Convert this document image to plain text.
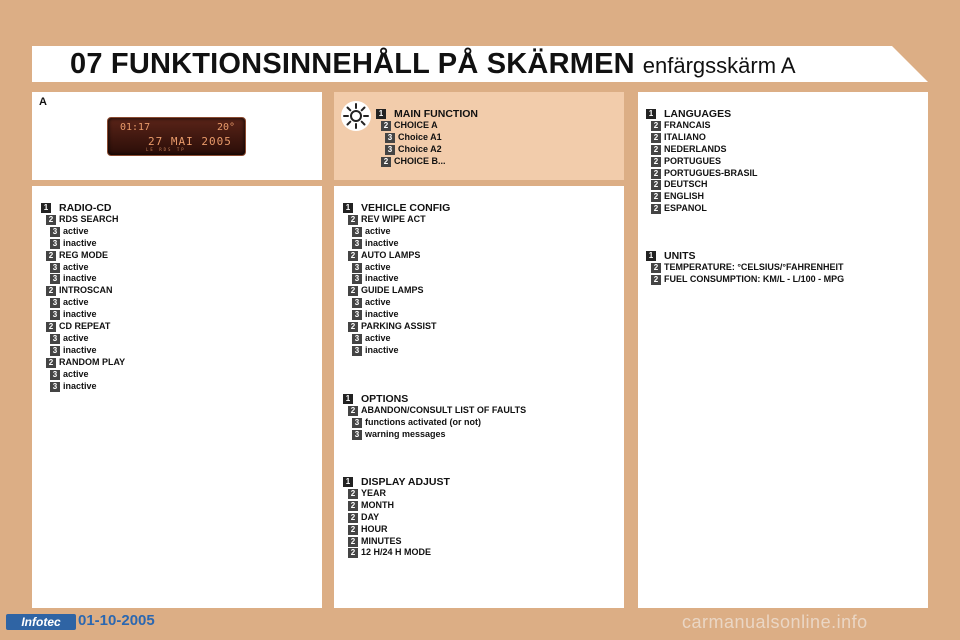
07 FUNKTIONSINNEHÅLL PÅ SKÄRMEN enfärgsskärm A
A
01:17	20°
27 MAI 2005
LE RDS TP
1 MAIN FUNCTION
2 CHOICE A
3 Choice A1
3 Choice A2
2 CHOICE B...
1 LANGUAGES
2 FRANCAIS
2 ITALIANO
2 NEDERLANDS
2 PORTUGUES
2 PORTUGUES-BRASIL
2 DEUTSCH
2 ENGLISH
2 ESPANOL
1 UNITS
2 TEMPERATURE: °CELSIUS/°FAHRENHEIT
2 FUEL CONSUMPTION: KM/L - L/100 - MPG
1 RADIO-CD
2 RDS SEARCH
3 active
3 inactive
2 REG MODE
3 active
3 inactive
2 INTROSCAN
3 active
3 inactive
2 CD REPEAT
3 active
3 inactive
2 RANDOM PLAY
3 active
3 inactive
1 VEHICLE CONFIG
2 REV WIPE ACT
3 active
3 inactive
2 AUTO LAMPS
3 active
3 inactive
2 GUIDE LAMPS
3 active
3 inactive
2 PARKING ASSIST
3 active
3 inactive
1 OPTIONS
2 ABANDON/CONSULT LIST OF FAULTS
3 functions activated (or not)
3 warning messages
1 DISPLAY ADJUST
2 YEAR
2 MONTH
2 DAY
2 HOUR
2 MINUTES
2 12 H/24 H MODE
Infotec	01-10-2005	carmanualsonline.info
